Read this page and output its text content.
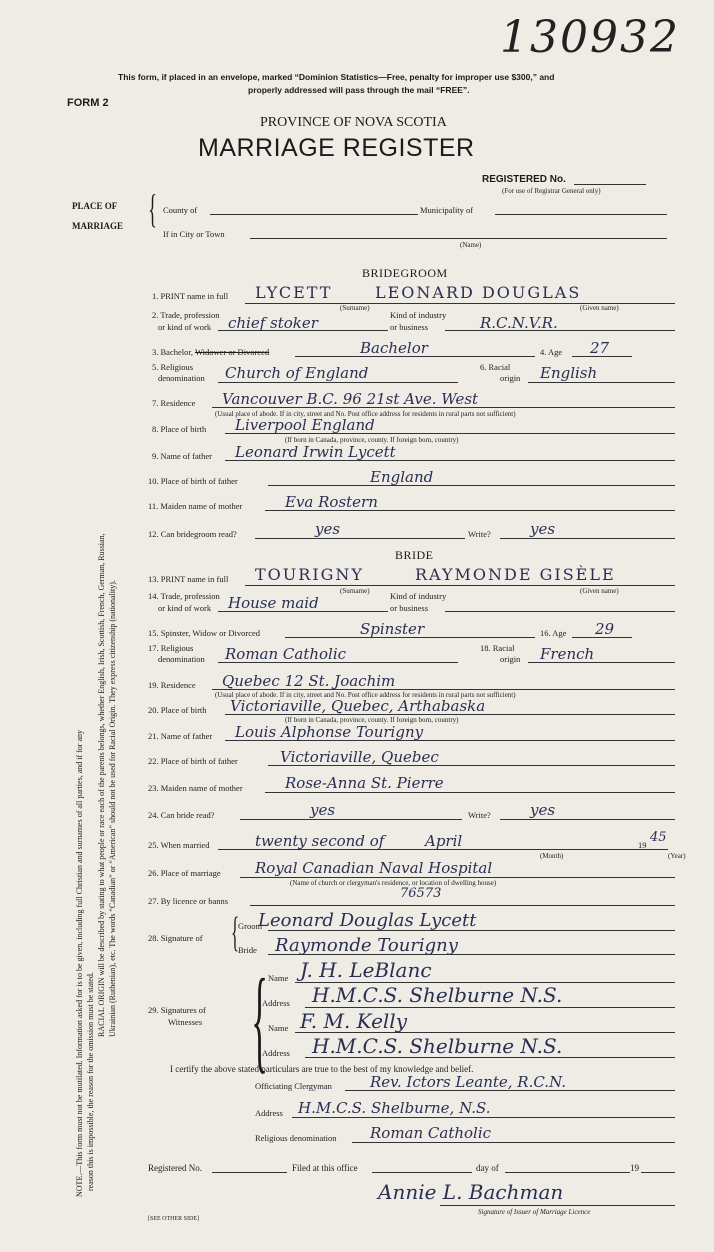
130932
This form, if placed in an envelope, marked “Dominion Statistics—Free, penalty for improper use $300,” and
properly addressed will pass through the mail “FREE”.
FORM 2
PROVINCE OF NOVA SCOTIA
MARRIAGE REGISTER
REGISTERED No.
(For use of Registrar General only)
PLACE OF
MARRIAGE { County of	Municipality of
If in City or Town
(Name)
BRIDEGROOM
1. PRINT name in full LYCETT	LEONARD DOUGLAS
(Surname)	(Given name)
2. Trade, profession
or kind of work chief stoker	Kind of industry
or business	R.C.N.V.R.
3. Bachelor, Widower or Divorced	Bachelor	4. Age 27
5. Religious
denomination Church of England	6. Racial
origin English
7. Residence Vancouver B.C. 96 21st Ave. West
(Usual place of abode. If in city, street and No. Post office address for residents in rural parts not sufficient)
8. Place of birth Liverpool England
(If born in Canada, province, county. If foreign born, country)
9. Name of father Leonard Irwin Lycett
10. Place of birth of father	England
11. Maiden name of mother	Eva Rostern
12. Can bridegroom read?	yes	Write?	yes
BRIDE
13. PRINT name in full TOURIGNY	RAYMONDE GISÈLE
(Surname)	(Given name)
14. Trade, profession
or kind of work House maid	Kind of industry
or business
15. Spinster, Widow or Divorced	Spinster	16. Age 29
17. Religious
denomination Roman Catholic	18. Racial
origin French
19. Residence Quebec 12 St. Joachim
(Usual place of abode. If in city, street and No. Post office address for residents in rural parts not sufficient)
20. Place of birth Victoriaville, Quebec, Arthabaska
(If born in Canada, province, county. If foreign born, country)
21. Name of father Louis Alphonse Tourigny
22. Place of birth of father	Victoriaville, Quebec
23. Maiden name of mother	Rose-Anna St. Pierre
24. Can bride read?	yes	Write?	yes
25. When married	twenty second of	April	19 45
(Month)	(Year)
26. Place of marriage Royal Canadian Naval Hospital
(Name of church or clergyman's residence, or location of dwelling house)
27. By licence or banns	76573
28. Signature of {
Groom
Leonard Douglas Lycett
Bride Raymonde Tourigny
29. Signatures of
Witnesses { Name J. H. LeBlanc
Address H.M.C.S. Shelburne N.S.
Name F. M. Kelly
Address H.M.C.S. Shelburne N.S.
I certify the above stated particulars are true to the best of my knowledge and belief.
Officiating Clergyman	Rev. Ictors Leante, R.C.N.
Address H.M.C.S. Shelburne, N.S.
Religious denomination Roman Catholic
Registered No.	Filed at this office	day of	19
Annie L. Bachman
Signature of Issuer of Marriage Licence
[SEE OTHER SIDE]
NOTE.—This form must not be mutilated. Information asked for is to be given, including full Christian and surnames of all parties, and if for any reason this is impossible, the reason for the omission must be stated.
RACIAL ORIGIN will be described by stating to what people or race each of the parents belongs, whether English, Irish, Scottish, French, German, Russian, Ukrainian (Ruthenian), etc. The words “Canadian” or “American” should not be used for Racial Origin. They express citizenship (nationality).
